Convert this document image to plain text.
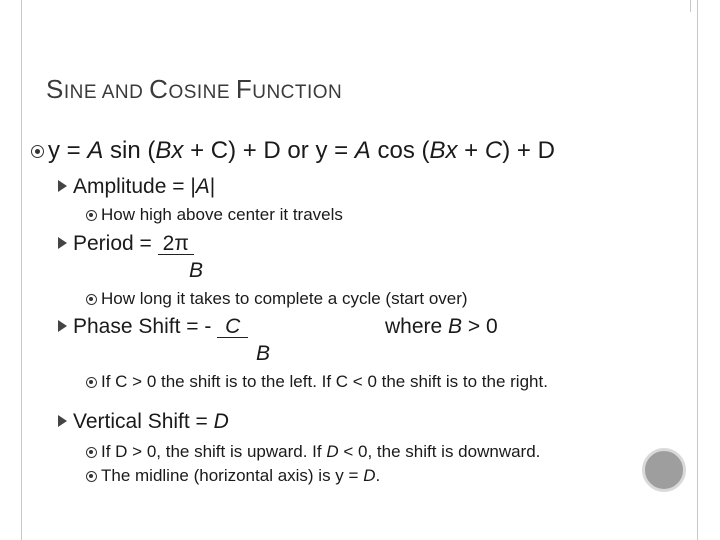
SINE AND COSINE FUNCTION
y = A sin (Bx + C) + D or y = A cos (Bx + C) + D
Amplitude = |A|
How high above center it travels
Period = 2π
B
How long it takes to complete a cycle (start over)
Phase Shift = - C	where B > 0
B
If C > 0 the shift is to the left. If C < 0 the shift is to the right.
Vertical Shift = D
If D > 0, the shift is upward. If D < 0, the shift is downward.
The midline (horizontal axis) is y = D.
